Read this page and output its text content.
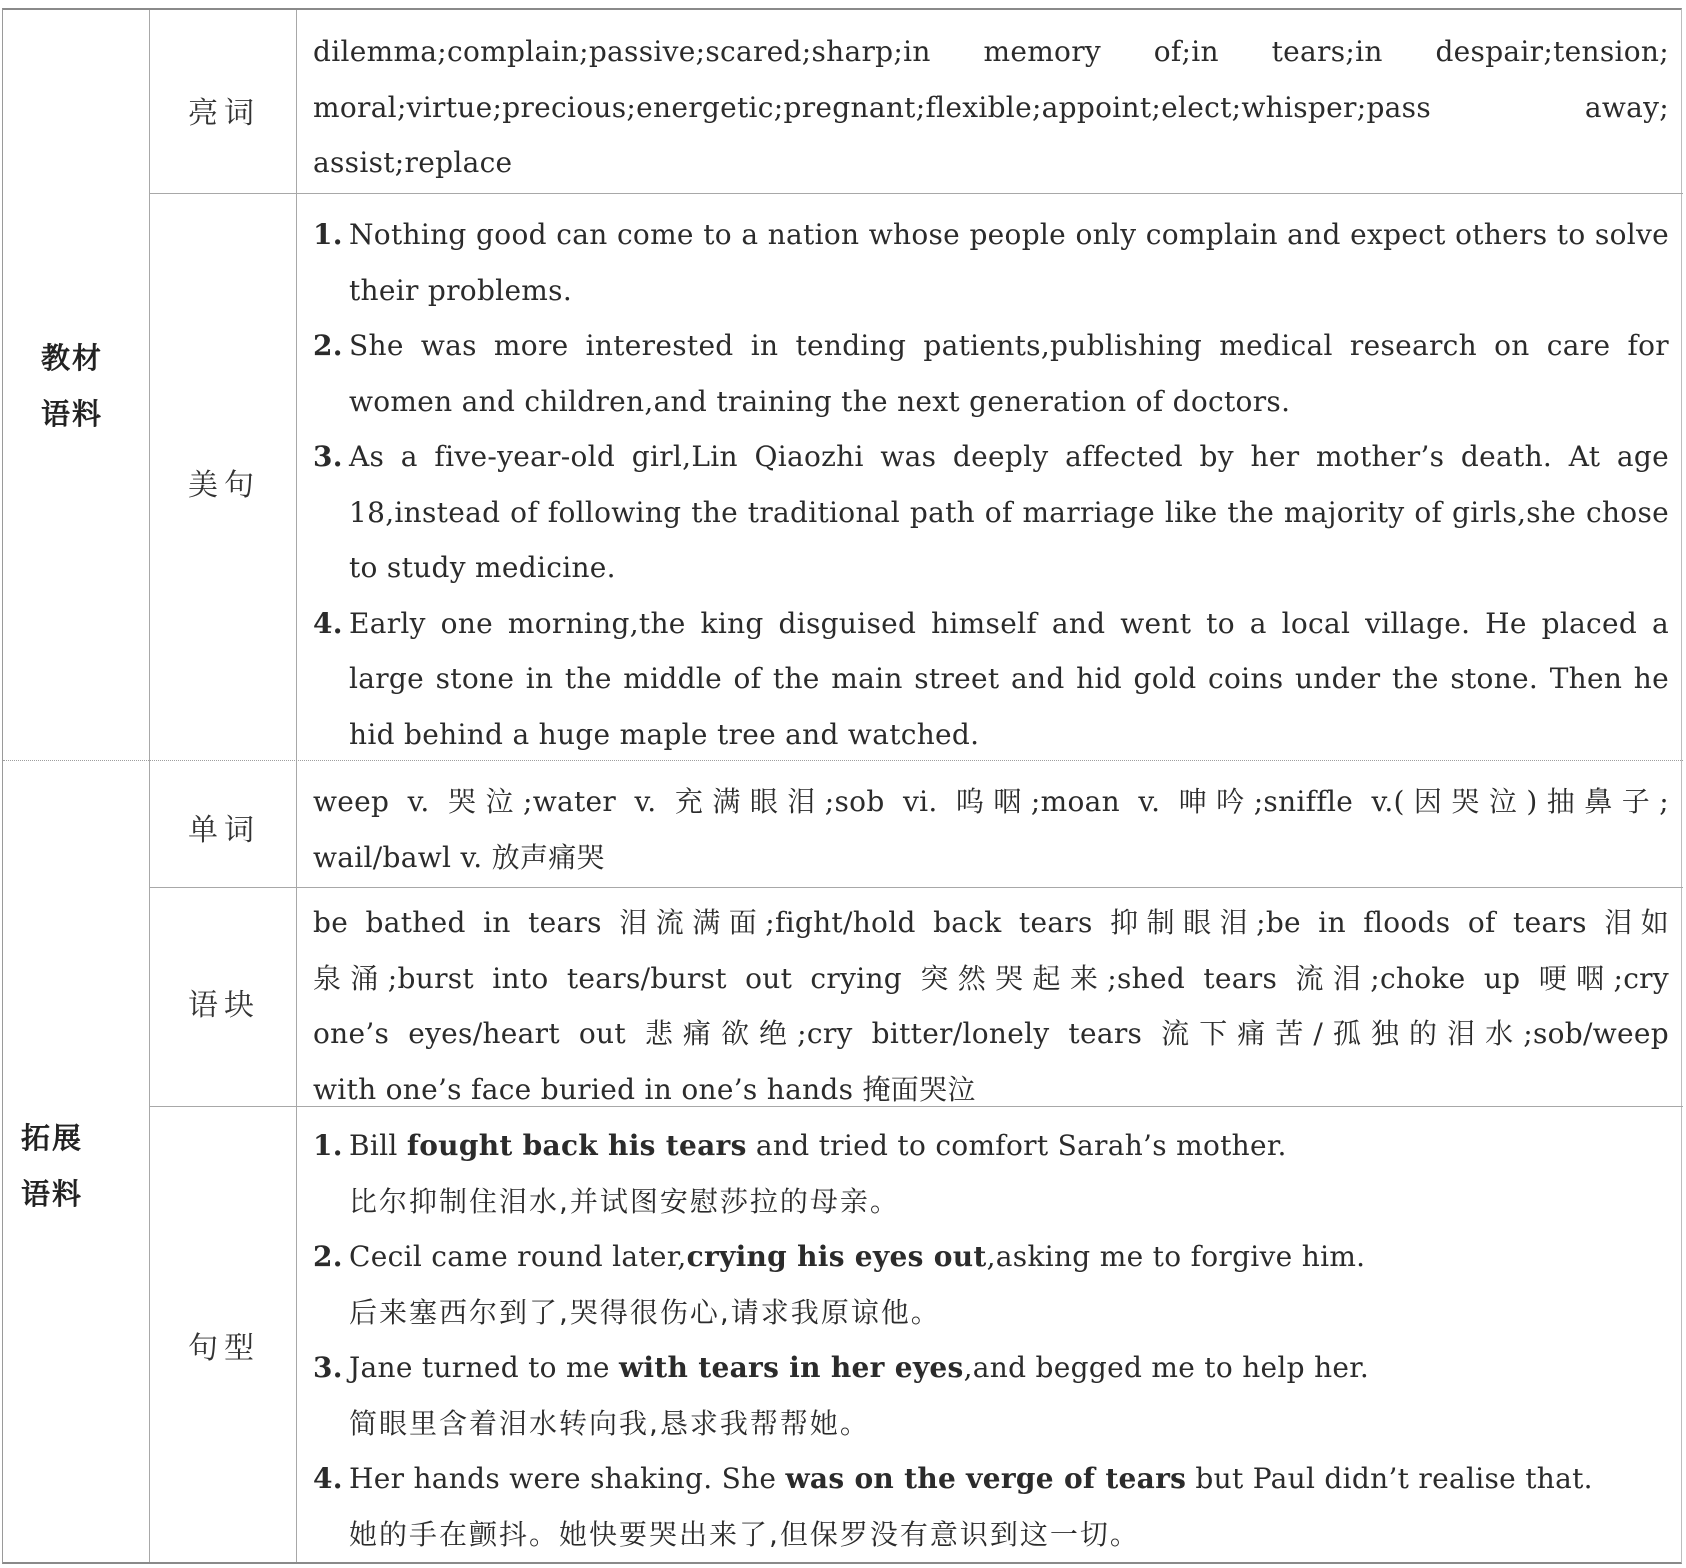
教材
语料
拓展
语料
亮词
美句
单词
语块
句型
dilemma;complain;passive;scared;sharp;in memory of;in tears;in despair;tension;
moral;virtue;precious;energetic;pregnant;flexible;appoint;elect;whisper;pass away;
assist;replace
1. Nothing good can come to a nation whose people only complain and expect others to solve their problems.
2. She was more interested in tending patients,publishing medical research on care for women and children,and training the next generation of doctors.
3. As a five-year-old girl,Lin Qiaozhi was deeply affected by her mother’s death. At age 18,instead of following the traditional path of marriage like the majority of girls,she chose to study medicine.
4. Early one morning,the king disguised himself and went to a local village. He placed a large stone in the middle of the main street and hid gold coins under the stone. Then he hid behind a huge maple tree and watched.
weep v. 哭泣;water v. 充满眼泪;sob vi. 呜咽;moan v. 呻吟;sniffle v.(因哭泣)抽鼻子;
wail/bawl v. 放声痛哭
be bathed in tears 泪流满面;fight/hold back tears 抑制眼泪;be in floods of tears 泪如
泉涌;burst into tears/burst out crying 突然哭起来;shed tears 流泪;choke up 哽咽;cry
one’s eyes/heart out 悲痛欲绝;cry bitter/lonely tears 流下痛苦/孤独的泪水;sob/weep
with one’s face buried in one’s hands 掩面哭泣
1. Bill fought back his tears and tried to comfort Sarah’s mother.
比尔抑制住泪水,并试图安慰莎拉的母亲。
2. Cecil came round later,crying his eyes out,asking me to forgive him.
后来塞西尔到了,哭得很伤心,请求我原谅他。
3. Jane turned to me with tears in her eyes,and begged me to help her.
简眼里含着泪水转向我,恳求我帮帮她。
4. Her hands were shaking. She was on the verge of tears but Paul didn’t realise that.
她的手在颤抖。她快要哭出来了,但保罗没有意识到这一切。
